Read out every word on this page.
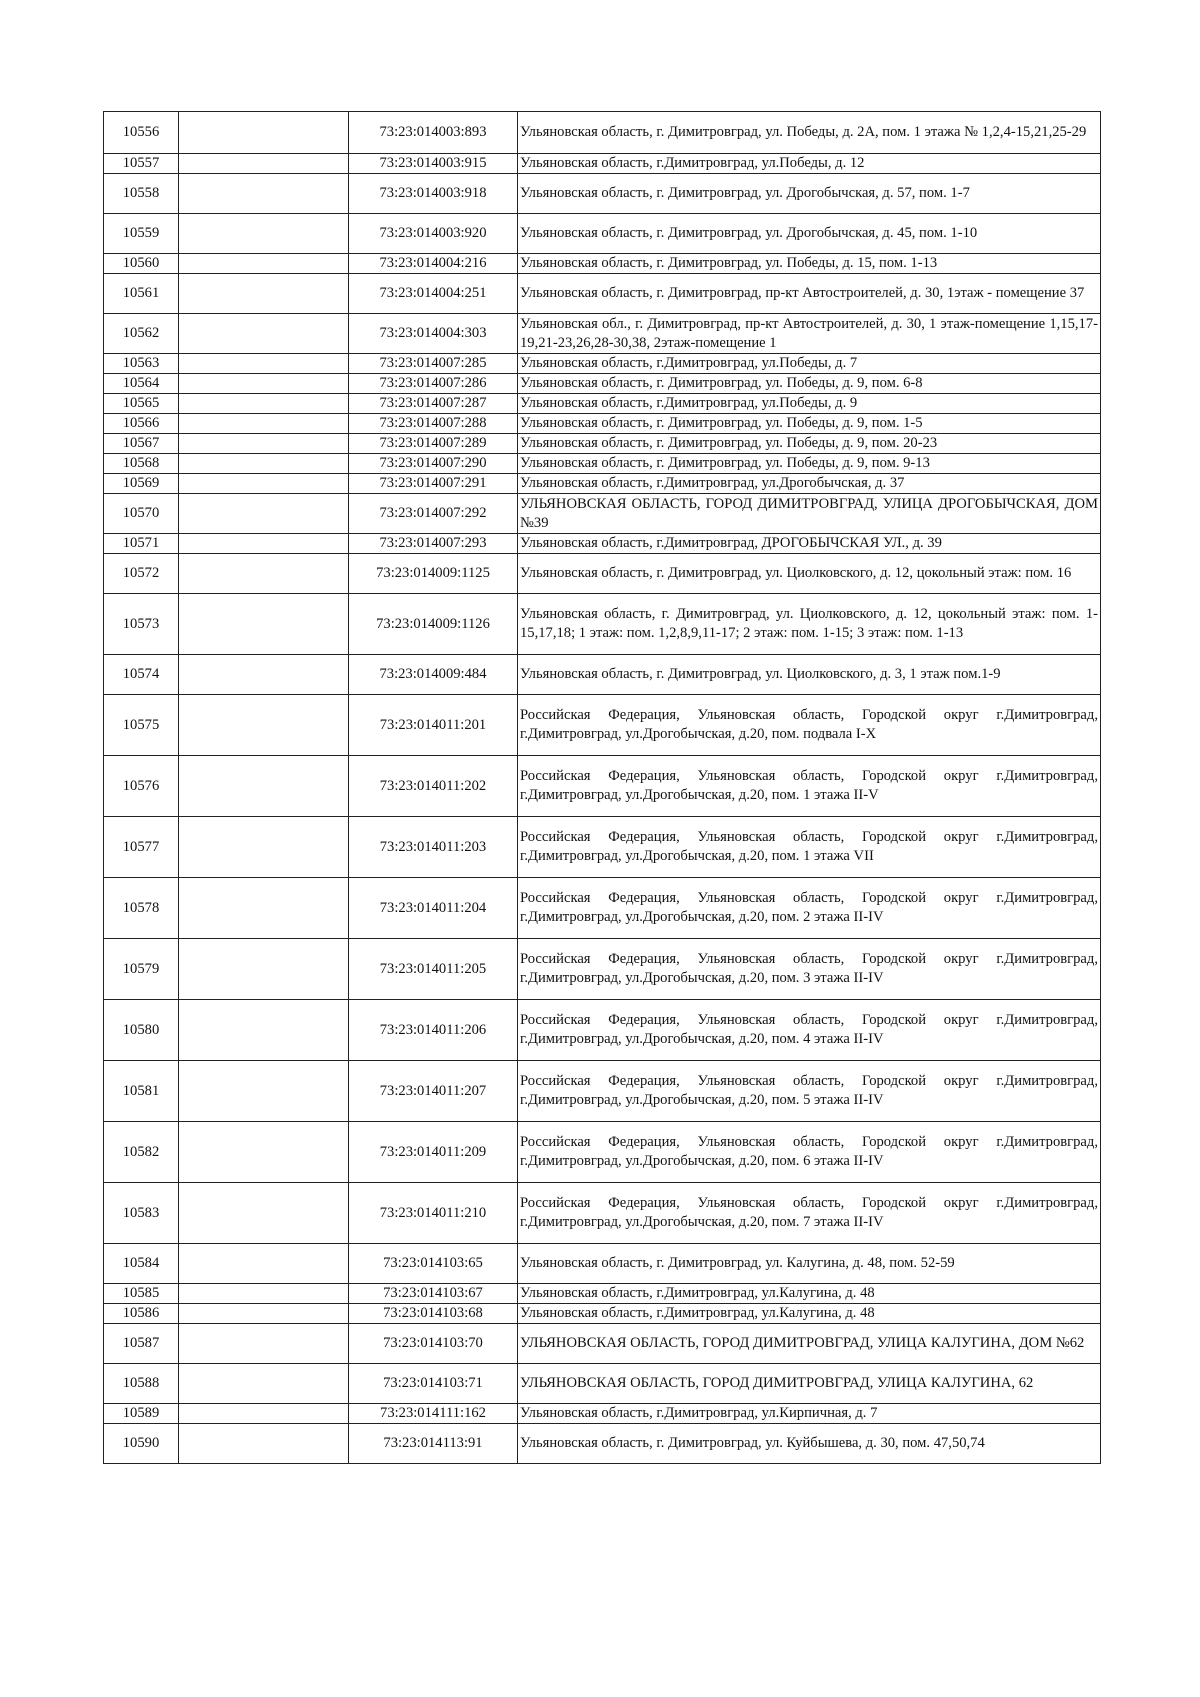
10556		73:23:014003:893	Ульяновская область, г. Димитровград, ул. Победы, д. 2А, пом. 1 этажа № 1,2,4-15,21,25-29
10557		73:23:014003:915	Ульяновская область, г.Димитровград, ул.Победы, д. 12
10558		73:23:014003:918	Ульяновская область, г. Димитровград, ул. Дрогобычская, д. 57, пом. 1-7
10559		73:23:014003:920	Ульяновская область, г. Димитровград, ул. Дрогобычская, д. 45, пом. 1-10
10560		73:23:014004:216	Ульяновская область, г. Димитровград, ул. Победы, д. 15, пом. 1-13
10561		73:23:014004:251	Ульяновская область, г. Димитровград, пр-кт Автостроителей, д. 30, 1этаж - помещение 37
10562		73:23:014004:303	Ульяновская обл., г. Димитровград, пр-кт Автостроителей, д. 30, 1 этаж-помещение 1,15,17-19,21-23,26,28-30,38, 2этаж-помещение 1
10563		73:23:014007:285	Ульяновская область, г.Димитровград, ул.Победы, д. 7
10564		73:23:014007:286	Ульяновская область, г. Димитровград, ул. Победы, д. 9, пом. 6-8
10565		73:23:014007:287	Ульяновская область, г.Димитровград, ул.Победы, д. 9
10566		73:23:014007:288	Ульяновская область, г. Димитровград, ул. Победы, д. 9, пом. 1-5
10567		73:23:014007:289	Ульяновская область, г. Димитровград, ул. Победы, д. 9, пом. 20-23
10568		73:23:014007:290	Ульяновская область, г. Димитровград, ул. Победы, д. 9, пом. 9-13
10569		73:23:014007:291	Ульяновская область, г.Димитровград, ул.Дрогобычская, д. 37
10570		73:23:014007:292	УЛЬЯНОВСКАЯ ОБЛАСТЬ, ГОРОД ДИМИТРОВГРАД, УЛИЦА ДРОГОБЫЧСКАЯ, ДОМ №39
10571		73:23:014007:293	Ульяновская область, г.Димитровград, ДРОГОБЫЧСКАЯ УЛ., д. 39
10572		73:23:014009:1125	Ульяновская область, г. Димитровград, ул. Циолковского, д. 12, цокольный этаж: пом. 16
10573		73:23:014009:1126	Ульяновская область, г. Димитровград, ул. Циолковского, д. 12, цокольный этаж: пом. 1-15,17,18; 1 этаж: пом. 1,2,8,9,11-17; 2 этаж: пом. 1-15; 3 этаж: пом. 1-13
10574		73:23:014009:484	Ульяновская область, г. Димитровград, ул. Циолковского, д. 3, 1 этаж пом.1-9
10575		73:23:014011:201	Российская Федерация, Ульяновская область, Городской округ г.Димитровград, г.Димитровград, ул.Дрогобычская, д.20, пом. подвала I-X
10576		73:23:014011:202	Российская Федерация, Ульяновская область, Городской округ г.Димитровград, г.Димитровград, ул.Дрогобычская, д.20, пом. 1 этажа II-V
10577		73:23:014011:203	Российская Федерация, Ульяновская область, Городской округ г.Димитровград, г.Димитровград, ул.Дрогобычская, д.20, пом. 1 этажа VII
10578		73:23:014011:204	Российская Федерация, Ульяновская область, Городской округ г.Димитровград, г.Димитровград, ул.Дрогобычская, д.20, пом. 2 этажа II-IV
10579		73:23:014011:205	Российская Федерация, Ульяновская область, Городской округ г.Димитровград, г.Димитровград, ул.Дрогобычская, д.20, пом. 3 этажа II-IV
10580		73:23:014011:206	Российская Федерация, Ульяновская область, Городской округ г.Димитровград, г.Димитровград, ул.Дрогобычская, д.20, пом. 4 этажа II-IV
10581		73:23:014011:207	Российская Федерация, Ульяновская область, Городской округ г.Димитровград, г.Димитровград, ул.Дрогобычская, д.20, пом. 5 этажа II-IV
10582		73:23:014011:209	Российская Федерация, Ульяновская область, Городской округ г.Димитровград, г.Димитровград, ул.Дрогобычская, д.20, пом. 6 этажа II-IV
10583		73:23:014011:210	Российская Федерация, Ульяновская область, Городской округ г.Димитровград, г.Димитровград, ул.Дрогобычская, д.20, пом. 7 этажа II-IV
10584		73:23:014103:65	Ульяновская область, г. Димитровград, ул. Калугина, д. 48, пом. 52-59
10585		73:23:014103:67	Ульяновская область, г.Димитровград, ул.Калугина, д. 48
10586		73:23:014103:68	Ульяновская область, г.Димитровград, ул.Калугина, д. 48
10587		73:23:014103:70	УЛЬЯНОВСКАЯ ОБЛАСТЬ, ГОРОД ДИМИТРОВГРАД, УЛИЦА КАЛУГИНА, ДОМ №62
10588		73:23:014103:71	УЛЬЯНОВСКАЯ ОБЛАСТЬ, ГОРОД ДИМИТРОВГРАД, УЛИЦА КАЛУГИНА, 62
10589		73:23:014111:162	Ульяновская область, г.Димитровград, ул.Кирпичная, д. 7
10590		73:23:014113:91	Ульяновская область, г. Димитровград, ул. Куйбышева, д. 30, пом. 47,50,74
